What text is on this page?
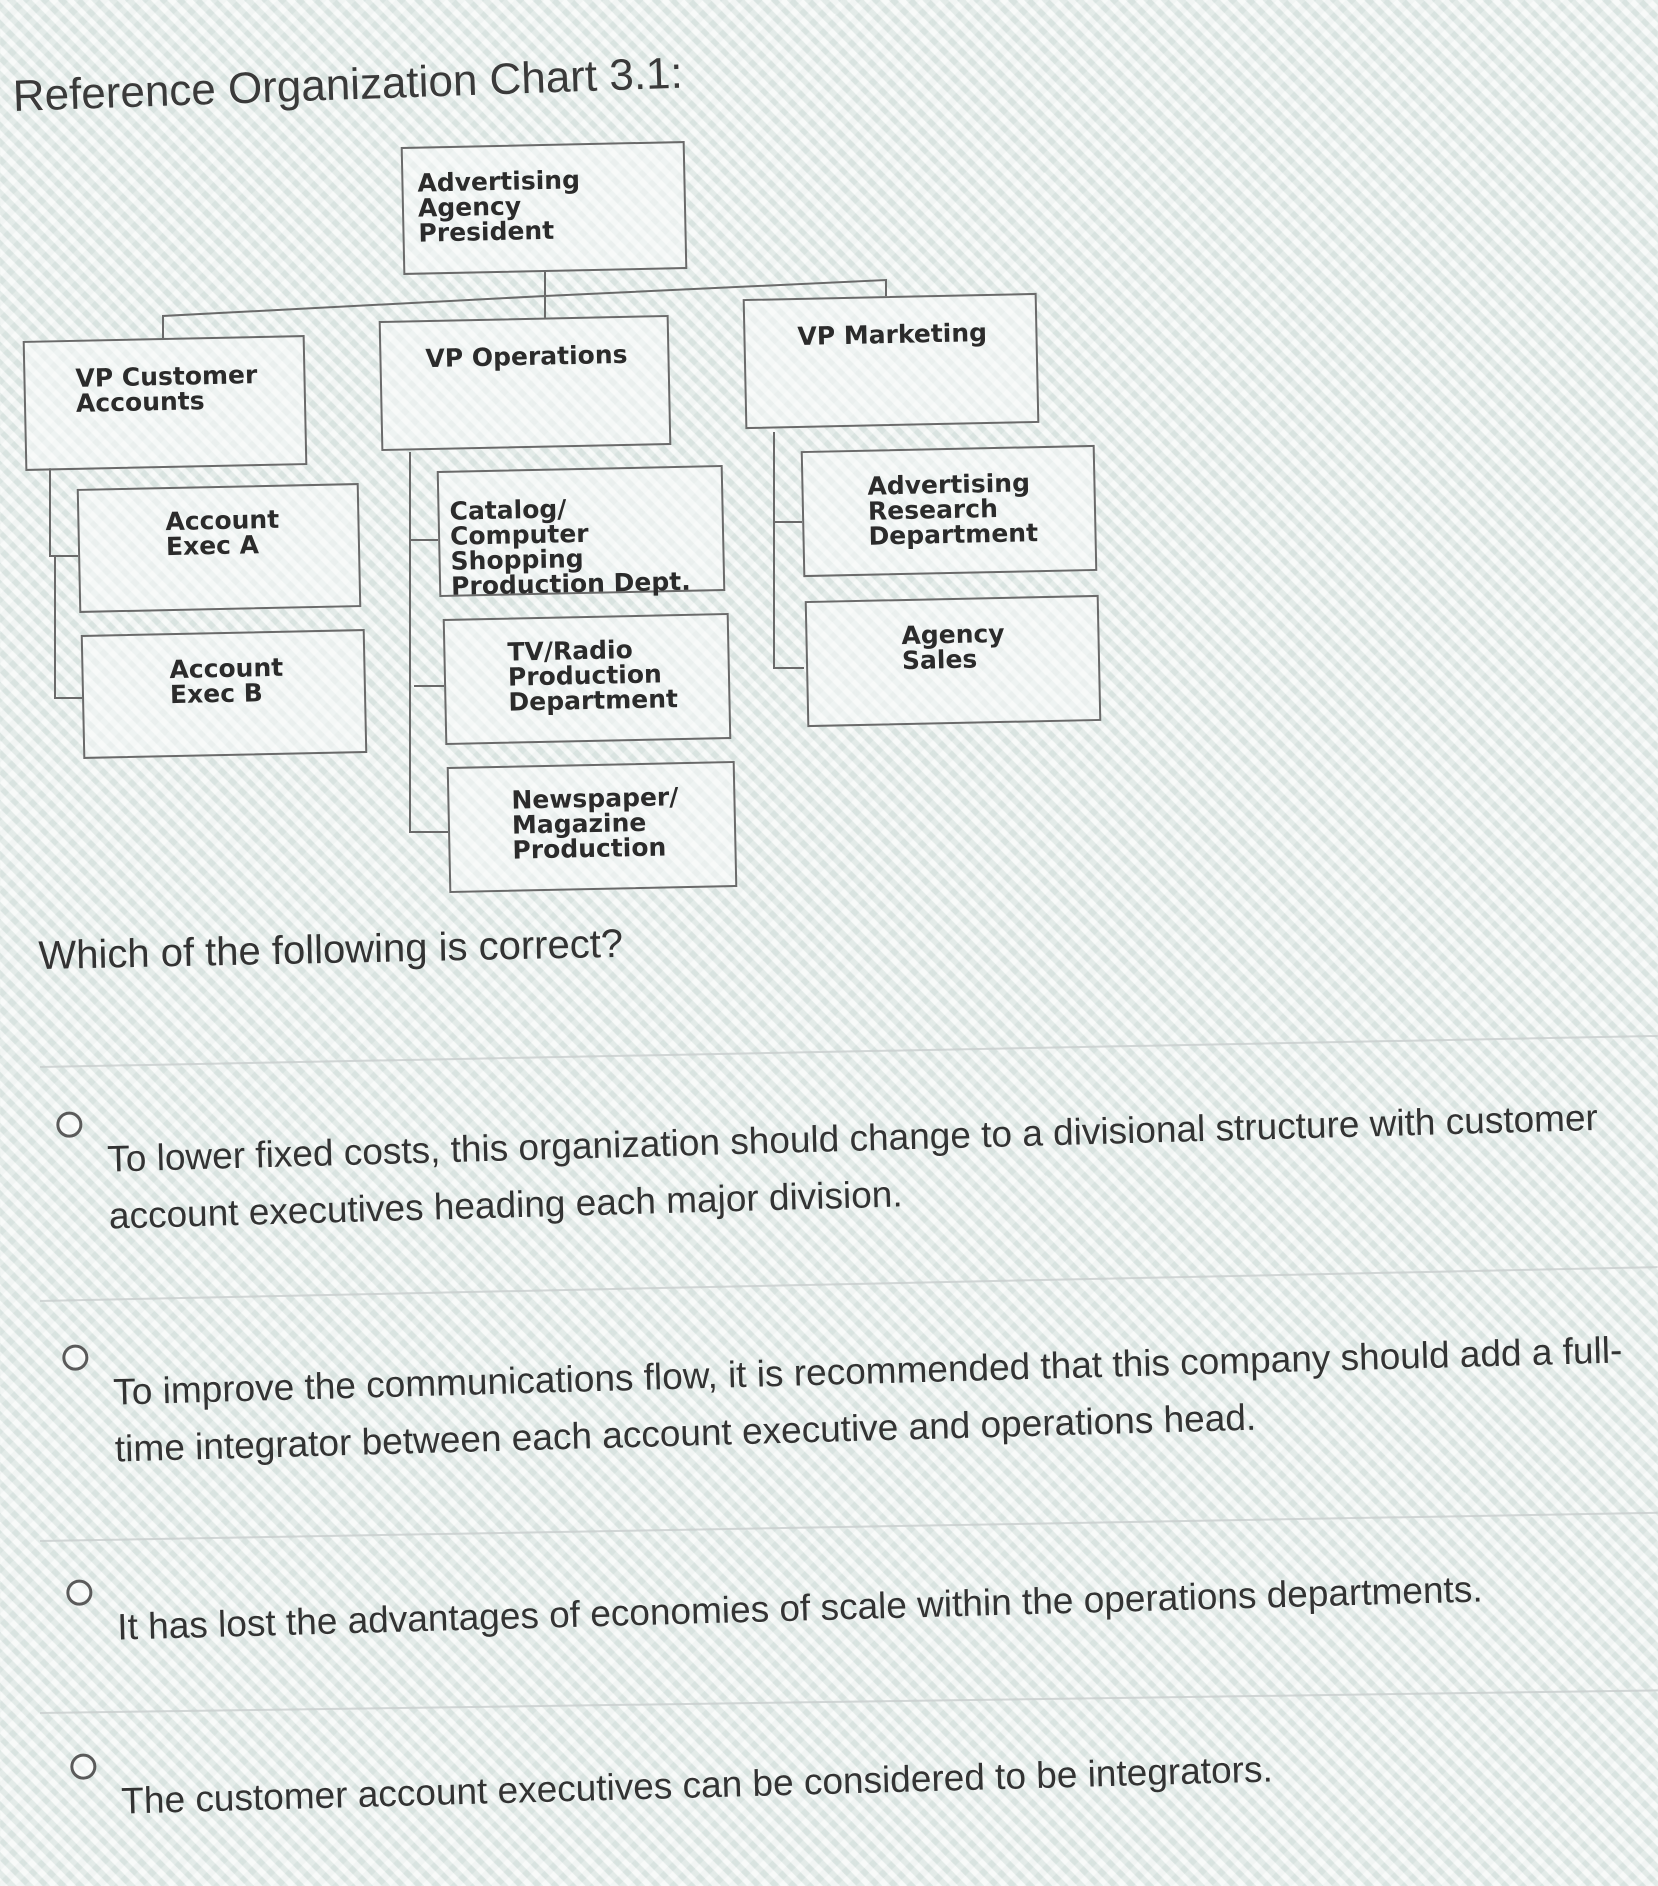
Reference Organization Chart 3.1:
Advertising Agency
President
VP Customer
Accounts
VP Operations
VP Marketing
Account
Exec A
Account
Exec B
Catalog/
Computer Shopping
Production Dept.
TV/Radio
Production
Department
Newspaper/
Magazine
Production
Advertising
Research
Department
Agency
Sales
Which of the following is correct?
To lower fixed costs, this organization should change to a divisional structure with customer account executives heading each major division.
To improve the communications flow, it is recommended that this company should add a full-time integrator between each account executive and operations head.
It has lost the advantages of economies of scale within the operations departments.
The customer account executives can be considered to be integrators.
